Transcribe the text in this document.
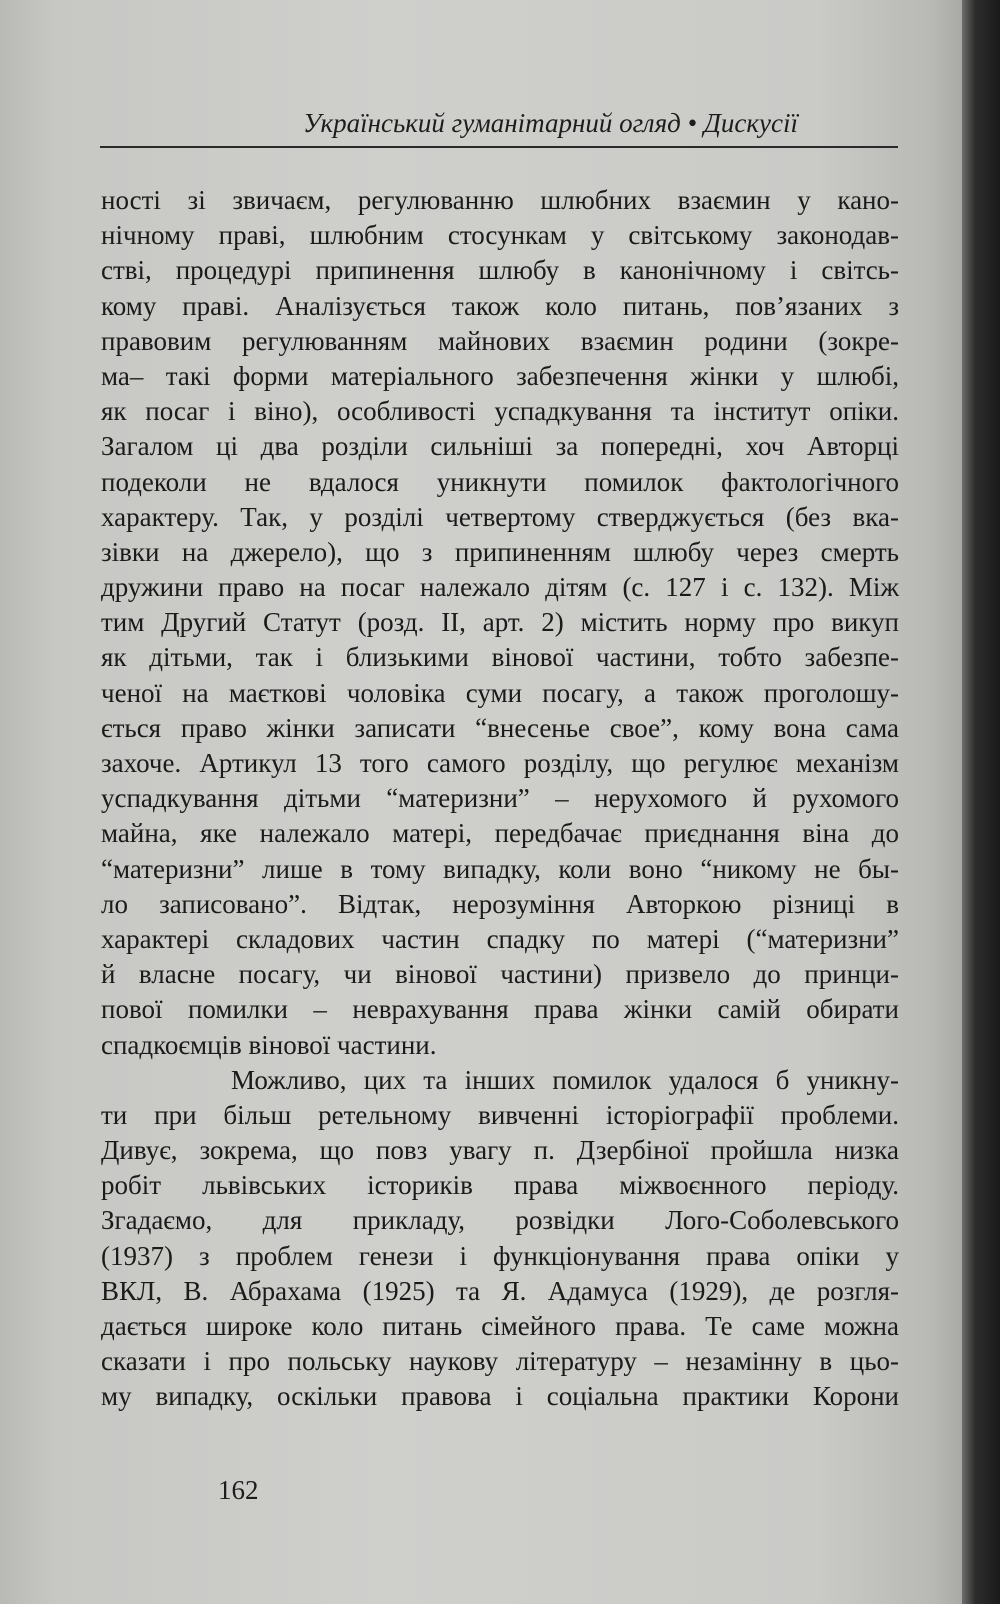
Український гуманітарний огляд • Дискусії
ності зі звичаєм, регулюванню шлюбних взаємин у кано-
нічному праві, шлюбним стосункам у світському законодав-
стві, процедурі припинення шлюбу в канонічному і світсь-
кому праві. Аналізується також коло питань, пов’язаних з
правовим регулюванням майнових взаємин родини (зокре-
ма– такі форми матеріального забезпечення жінки у шлюбі,
як посаг і віно), особливості успадкування та інститут опіки.
Загалом ці два розділи сильніші за попередні, хоч Авторці
подеколи не вдалося уникнути помилок фактологічного
характеру. Так, у розділі четвертому стверджується (без вка-
зівки на джерело), що з припиненням шлюбу через смерть
дружини право на посаг належало дітям (с. 127 і с. 132). Між
тим Другий Статут (розд. II, арт. 2) містить норму про викуп
як дітьми, так і близькими вінової частини, тобто забезпе-
ченої на маєткові чоловіка суми посагу, а також проголошу-
ється право жінки записати “внесенье свое”, кому вона сама
захоче. Артикул 13 того самого розділу, що регулює механізм
успадкування дітьми “материзни” – нерухомого й рухомого
майна, яке належало матері, передбачає приєднання віна до
“материзни” лише в тому випадку, коли воно “никому не бы-
ло записовано”. Відтак, нерозуміння Авторкою різниці в
характері складових частин спадку по матері (“материзни”
й власне посагу, чи вінової частини) призвело до принци-
пової помилки – неврахування права жінки самій обирати
спадкоємців вінової частини.
Можливо, цих та інших помилок удалося б уникну-
ти при більш ретельному вивченні історіографії проблеми.
Дивує, зокрема, що повз увагу п. Дзербіної пройшла низка
робіт львівських істориків права міжвоєнного періоду.
Згадаємо, для прикладу, розвідки Лого-Соболевського
(1937) з проблем генези і функціонування права опіки у
ВКЛ, В. Абрахама (1925) та Я. Адамуса (1929), де розгля-
дається широке коло питань сімейного права. Те саме можна
сказати і про польську наукову літературу – незамінну в цьо-
му випадку, оскільки правова і соціальна практики Корони
162
